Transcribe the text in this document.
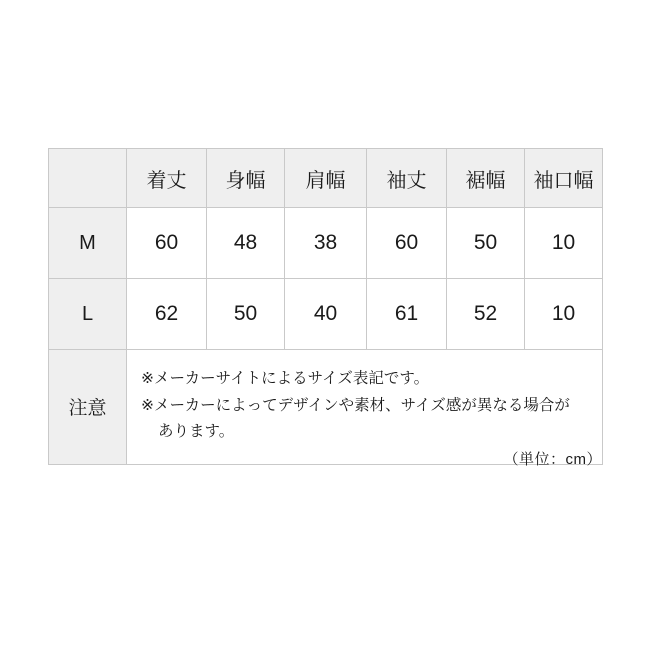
	着丈	身幅	肩幅	袖丈	裾幅	袖口幅
M	60	48	38	60	50	10
L	62	50	40	61	52	10
注意	※メーカーサイトによるサイズ表記です。
※メーカーによってデザインや素材、サイズ感が異なる場合が
あります。					
（単位：cm）
